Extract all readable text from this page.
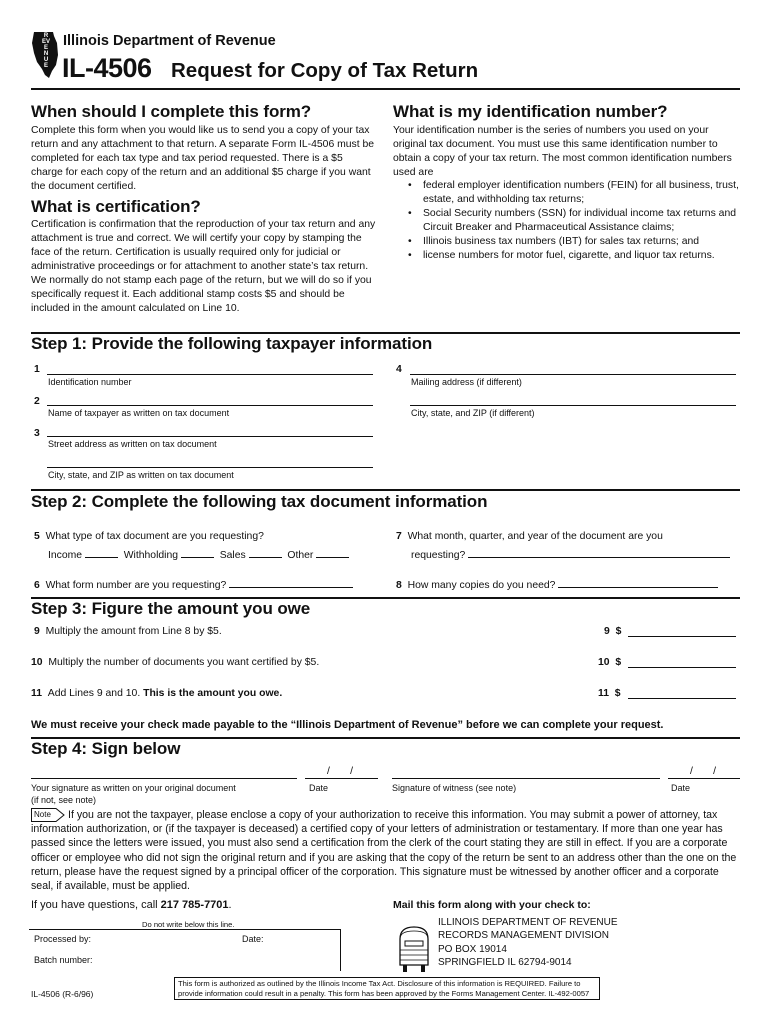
REVENUE
Illinois Department of Revenue
IL-4506 Request for Copy of Tax Return
When should I complete this form?
Complete this form when you would like us to send you a copy of your tax return and any attachment to that return. A separate Form IL-4506 must be completed for each tax type and tax period requested. There is a $5 charge for each copy of the return and an additional $5 charge if you want the document certified.
What is certification?
Certification is confirmation that the reproduction of your tax return and any attachment is true and correct. We will certify your copy by stamping the face of the return. Certification is usually required only for judicial or administrative proceedings or for attachment to another state’s tax return. We normally do not stamp each page of the return, but we will do so if you specifically request it. Each additional stamp costs $5 and should be included in the amount calculated on Line 10.
What is my identification number?
Your identification number is the series of numbers you used on your original tax document. You must use this same identification number to obtain a copy of your tax return. The most common identification numbers used are
• federal employer identification numbers (FEIN) for all business, trust, estate, and withholding tax returns;
• Social Security numbers (SSN) for individual income tax returns and Circuit Breaker and Pharmaceutical Assistance claims;
• Illinois business tax numbers (IBT) for sales tax returns; and
• license numbers for motor fuel, cigarette, and liquor tax returns.
Step 1: Provide the following taxpayer information
1
Identification number
2
Name of taxpayer as written on tax document
3
Street address as written on tax document
City, state, and ZIP as written on tax document
4
Mailing address (if different)
City, state, and ZIP (if different)
Step 2: Complete the following tax document information
5 What type of tax document are you requesting?
Income	Withholding	Sales	Other
6 What form number are you requesting?
7 What month, quarter, and year of the document are you
requesting?
8 How many copies do you need?
Step 3: Figure the amount you owe
9 Multiply the amount from Line 8 by $5.	9 $
10 Multiply the number of documents you want certified by $5.	10 $
11 Add Lines 9 and 10. This is the amount you owe.	11 $
We must receive your check made payable to the “Illinois Department of Revenue” before we can complete your request.
Step 4: Sign below
/       /
Your signature as written on your original document
(if not, see note)
Date
/       /
Signature of witness (see note)	Date
Note	If you are not the taxpayer, please enclose a copy of your authorization to receive this information. You may submit a power of attorney, tax information authorization, or (if the taxpayer is deceased) a certified copy of your letters of administration or testamentary. If more than one year has passed since the letters were issued, you must also send a certification from the clerk of the court stating they are still in effect. If you are a corporate officer or employee who did not sign the original return and if you are asking that the copy of the return be sent to an address other than the one on the return, please have the request signed by a principal officer of the corporation. This signature must be witnessed by another officer and a corporate seal, if available, must be applied.
If you have questions, call 217 785-7701.
Do not write below this line.
Processed by:	Date:
Batch number:
Mail this form along with your check to:
ILLINOIS DEPARTMENT OF REVENUE
RECORDS MANAGEMENT DIVISION
PO BOX 19014
SPRINGFIELD IL 62794-9014
This form is authorized as outlined by the Illinois Income Tax Act. Disclosure of this information is REQUIRED. Failure to provide information could result in a penalty. This form has been approved by the Forms Management Center. IL-492-0057
IL-4506 (R-6/96)
